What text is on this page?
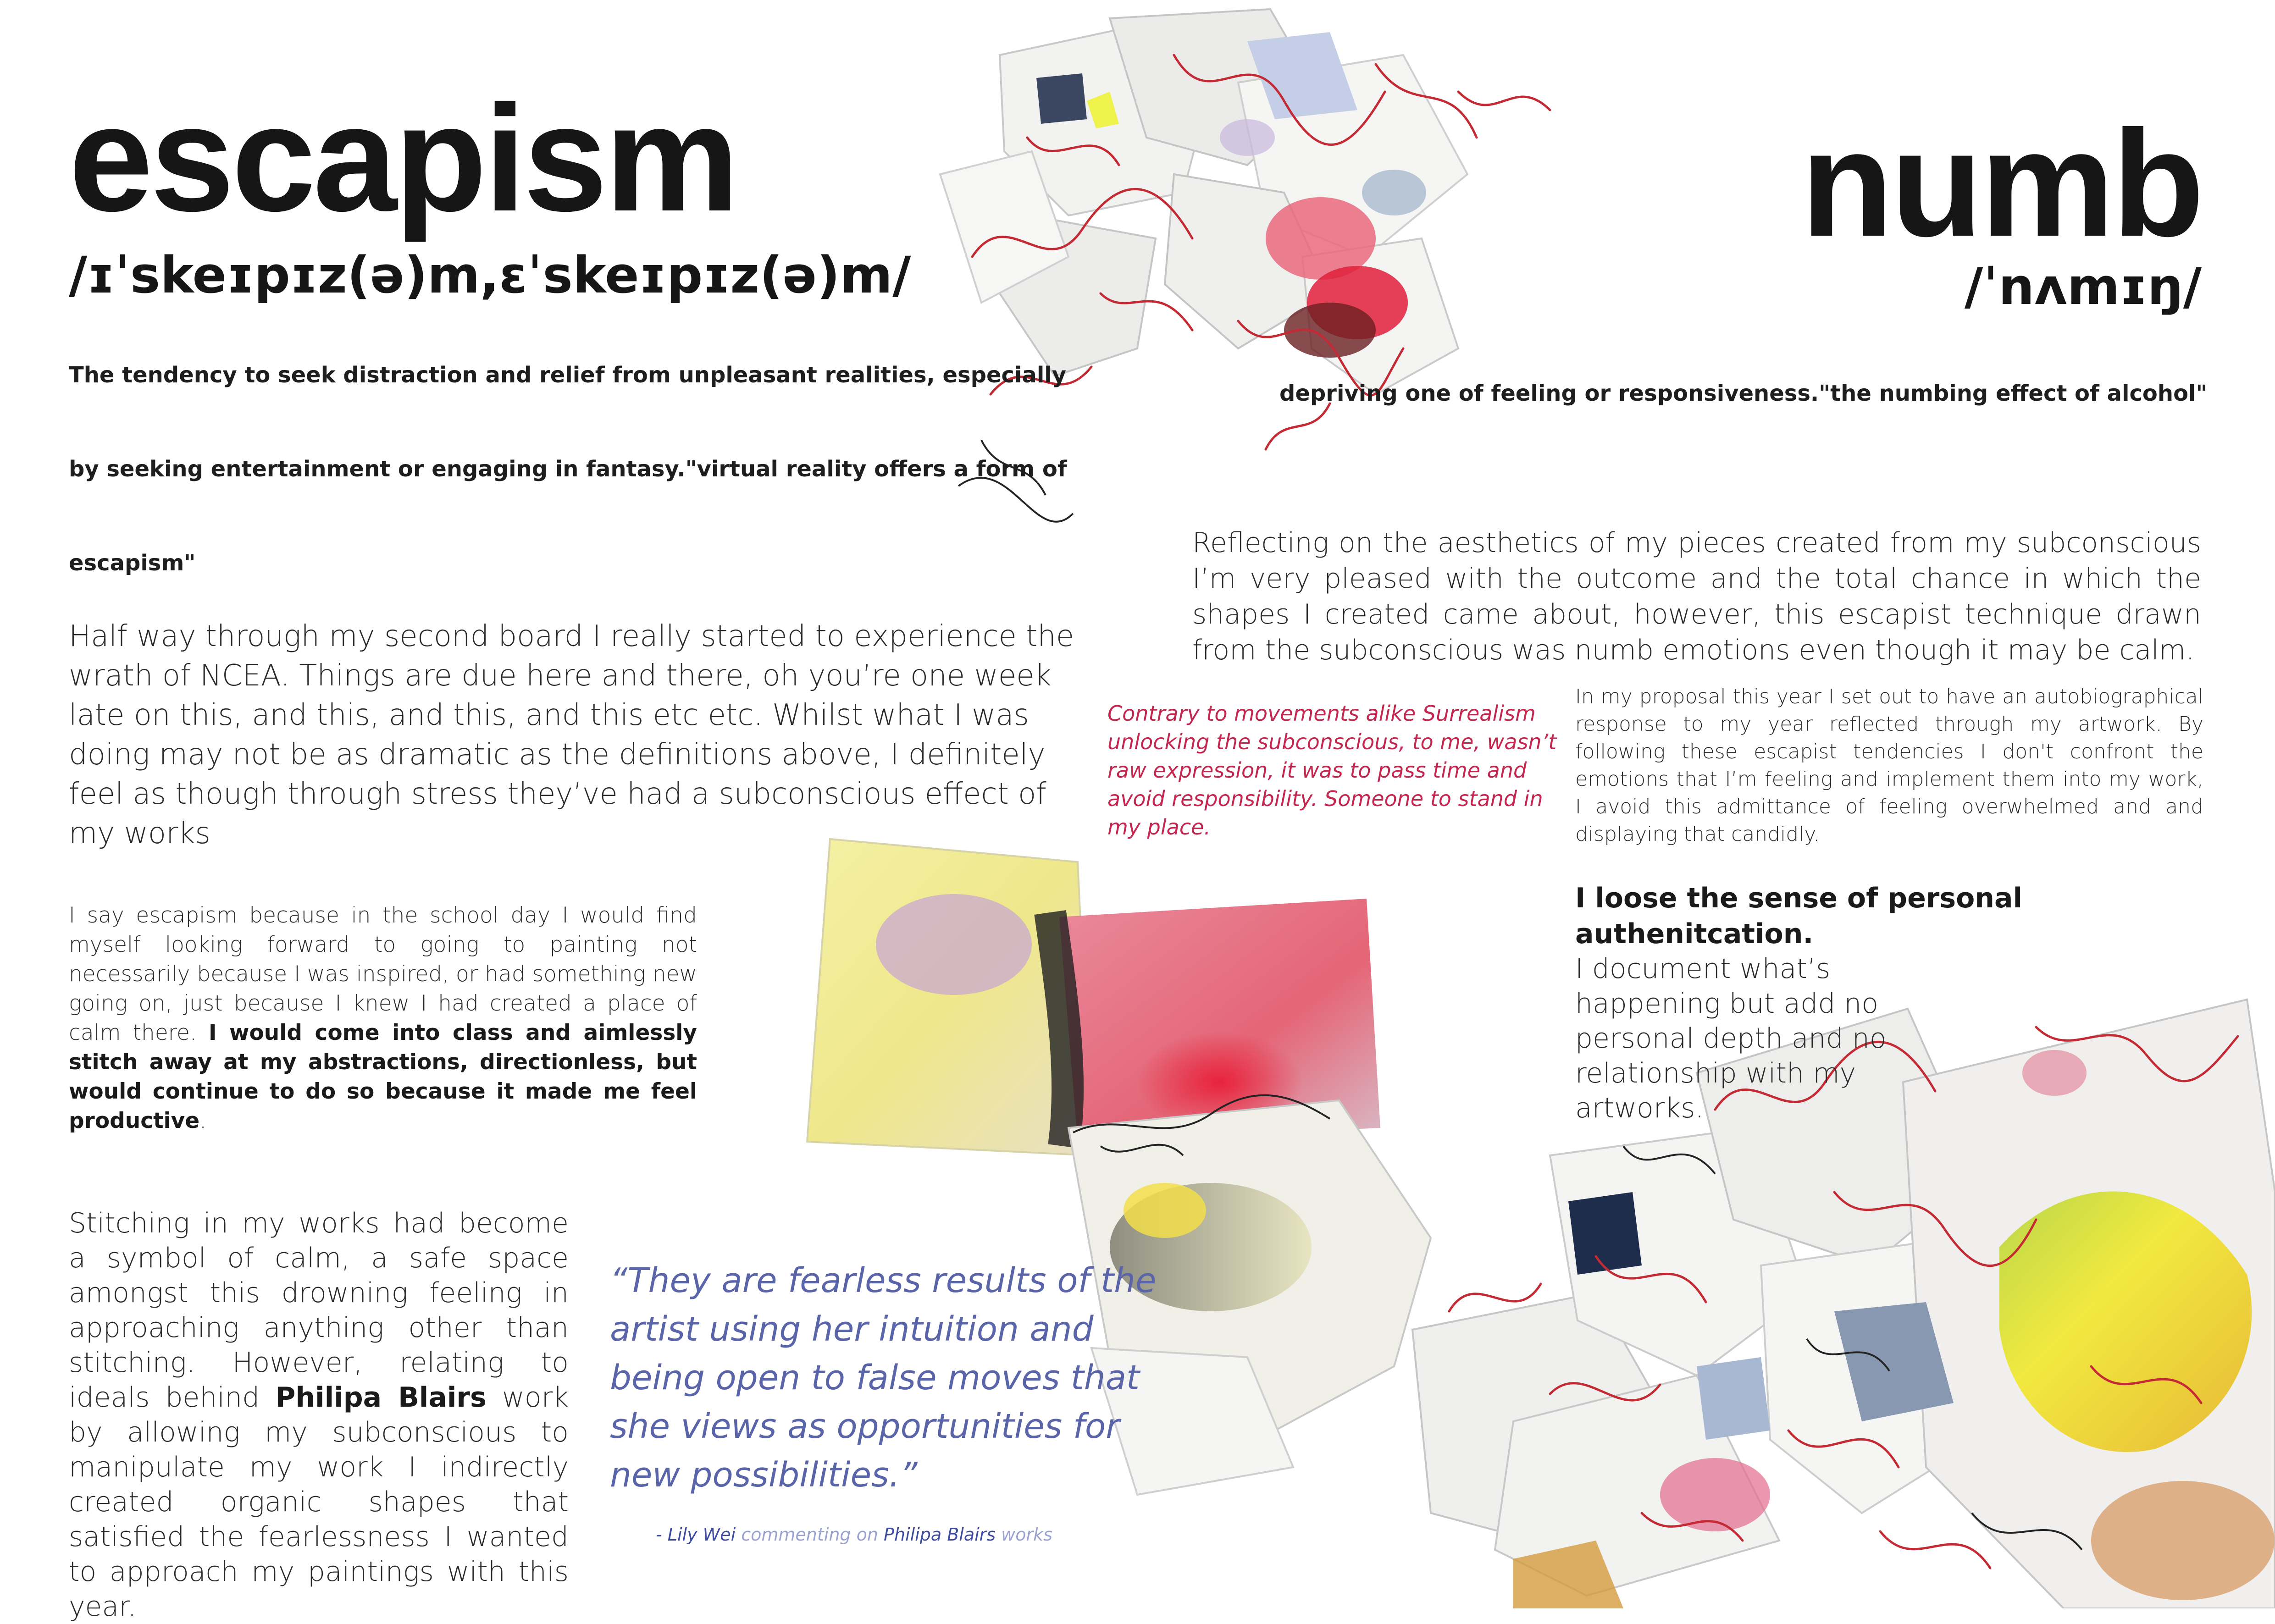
escapism
/ɪˈskeɪpɪz(ə)m,ɛˈskeɪpɪz(ə)m/
The tendency to seek distraction and relief from unpleasant realities, especially
by seeking entertainment or engaging in fantasy."virtual reality offers a form of
escapism"
Half way through my second board I really started to experience the wrath of NCEA. Things are due here and there, oh you’re one week late on this, and this, and this, and this etc etc. Whilst what I was doing may not be as dramatic as the definitions above, I definitely feel as though through stress they’ve had a subconscious effect of my works
I say escapism because in the school day I would find myself looking forward to going to painting not necessarily because I was inspired, or had something new going on, just because I knew I had created a place of calm there. I would come into class and aimlessly stitch away at my abstractions, directionless, but would continue to do so because it made me feel productive.
Stitching in my works had become a symbol of calm, a safe space amongst this drowning feeling in approaching anything other than stitching. However, relating to ideals behind Philipa Blairs work by allowing my subconscious to manipulate my work I indirectly created organic shapes that satisfied the fearlessness I wanted to approach my paintings with this year.
“They are fearless results of the artist using her intuition and being open to false moves that she views as opportunities for new possibilities.”
- Lily Wei commenting on Philipa Blairs works
numb
/ˈnʌmɪŋ/
depriving one of feeling or responsiveness."the numbing effect of alcohol"
Reflecting on the aesthetics of my pieces created from my subconscious I’m very pleased with the outcome and the total chance in which the shapes I created came about, however, this escapist technique drawn from the subconscious was numb emotions even though it may be calm.
Contrary to movements alike Surrealism unlocking the subconscious, to me, wasn’t raw expression, it was to pass time and avoid responsibility. Someone to stand in my place.
In my proposal this year I set out to have an autobiographical response to my year reflected through my artwork. By following these escapist tendencies I don't confront the emotions that I’m feeling and implement them into my work, I avoid this admittance of feeling overwhelmed and and displaying that candidly.
I loose the sense of personal authenitcation.
I document what’s happening but add no personal depth and no relationship with my artworks.
